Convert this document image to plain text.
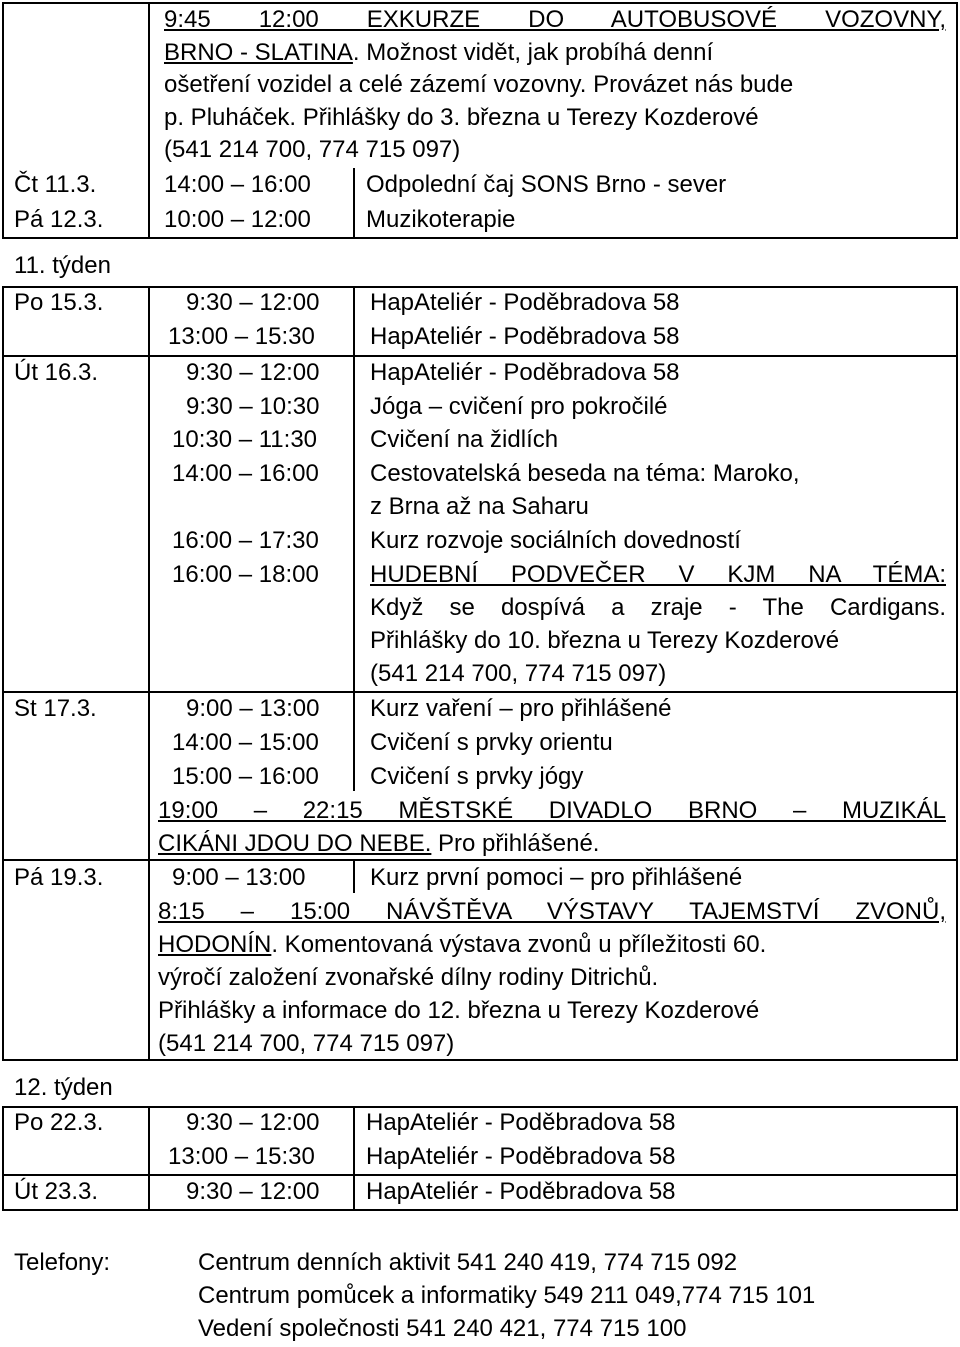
9:45 12:00 EXKURZE DO AUTOBUSOVÉ VOZOVNY,
BRNO - SLATINA. Možnost vidět, jak probíhá denní
ošetření vozidel a celé zázemí vozovny. Provázet nás bude
p. Pluháček. Přihlášky do 3. března u Terezy Kozderové
(541 214 700, 774 715 097)
Čt 11.3.	14:00 – 16:00 Odpolední čaj SONS Brno - sever
Pá 12.3.	10:00 – 12:00 Muzikoterapie
11. týden
Po 15.3.	9:30 – 12:00 HapAteliér - Poděbradova 58
13:00 – 15:30 HapAteliér - Poděbradova 58
Út 16.3.	9:30 – 12:00 HapAteliér - Poděbradova 58
9:30 – 10:30 Jóga – cvičení pro pokročilé
10:30 – 11:30 Cvičení na židlích
14:00 – 16:00 Cestovatelská beseda na téma: Maroko,
z Brna až na Saharu
16:00 – 17:30 Kurz rozvoje sociálních dovedností
16:00 – 18:00 HUDEBNÍ PODVEČER V KJM NA TÉMA:
Když se dospívá a zraje - The Cardigans.
Přihlášky do 10. března u Terezy Kozderové
(541 214 700, 774 715 097)
St 17.3.	9:00 – 13:00 Kurz vaření – pro přihlášené
14:00 – 15:00 Cvičení s prvky orientu
15:00 – 16:00 Cvičení s prvky jógy
19:00 – 22:15 MĚSTSKÉ DIVADLO BRNO – MUZIKÁL
CIKÁNI JDOU DO NEBE. Pro přihlášené.
Pá 19.3.	9:00 – 13:00	Kurz první pomoci – pro přihlášené
8:15 – 15:00 NÁVŠTĚVA VÝSTAVY TAJEMSTVÍ ZVONŮ,
HODONÍN. Komentovaná výstava zvonů u příležitosti 60.
výročí založení zvonařské dílny rodiny Ditrichů.
Přihlášky a informace do 12. března u Terezy Kozderové
(541 214 700, 774 715 097)
12. týden
Po 22.3.	9:30 – 12:00 HapAteliér - Poděbradova 58
13:00 – 15:30 HapAteliér - Poděbradova 58
Út 23.3.	9:30 – 12:00 HapAteliér - Poděbradova 58
Telefony:	Centrum denních aktivit 541 240 419, 774 715 092
Centrum pomůcek a informatiky 549 211 049,774 715 101
Vedení společnosti 541 240 421, 774 715 100
